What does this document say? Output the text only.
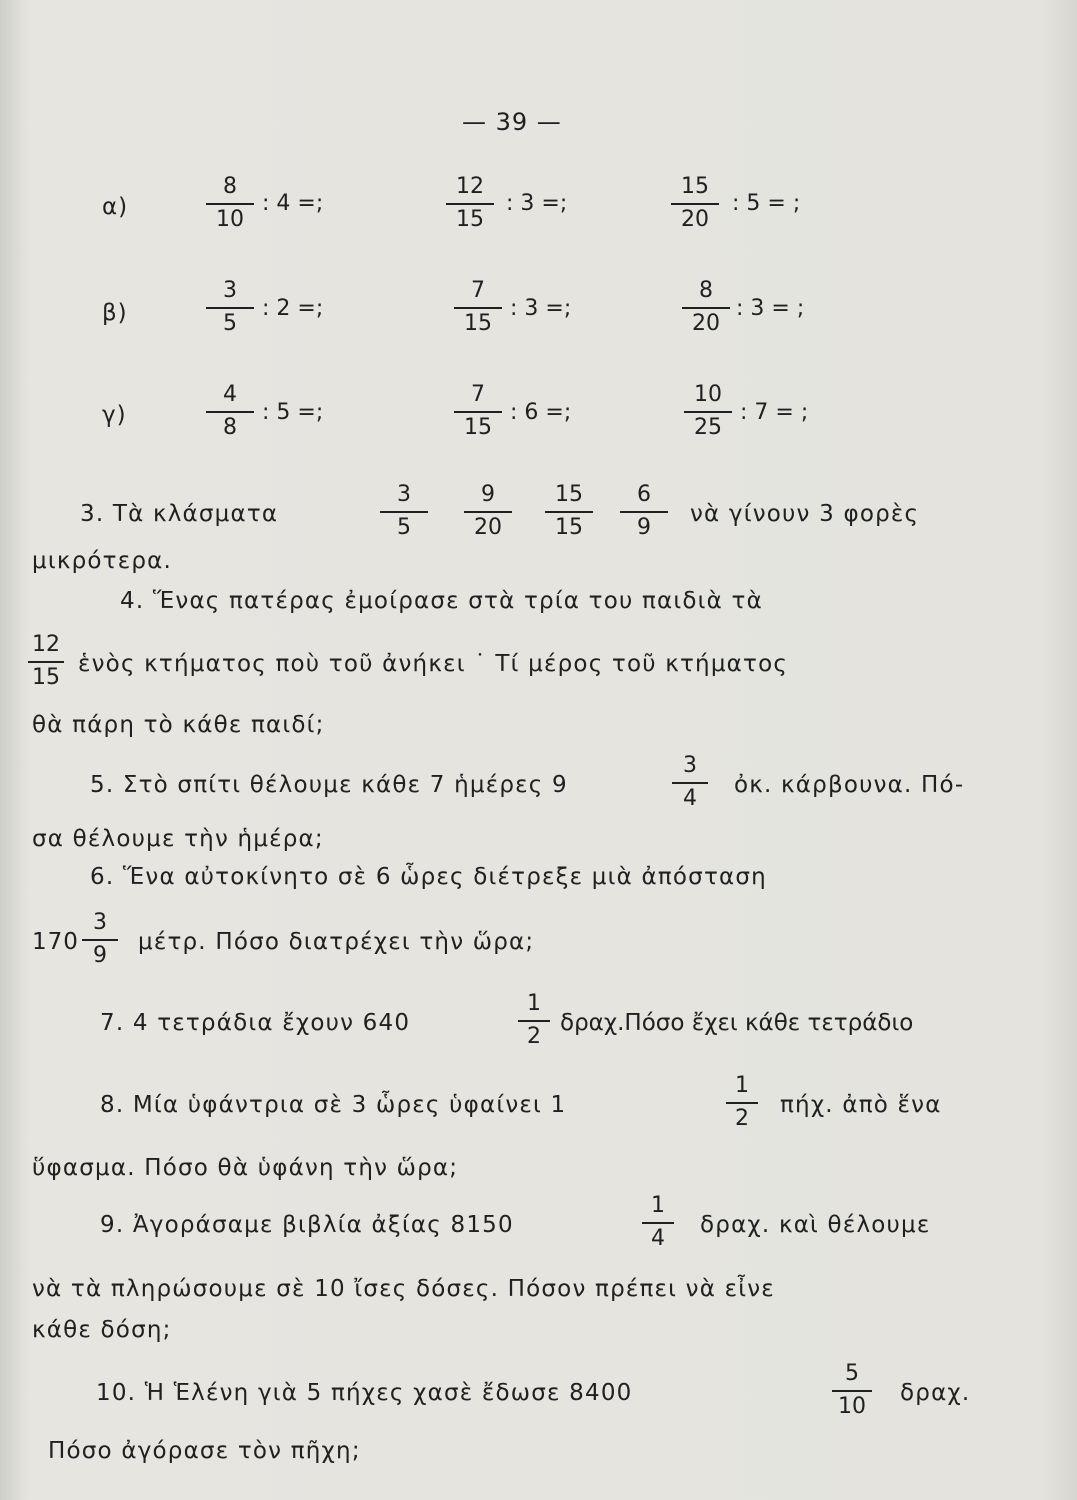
— 39 —
α)
8
10
: 4 =;
12
15
: 3 =;
15
20
: 5 = ;
β)
3
5
: 2 =;
7
15
: 3 =;
8
20
: 3 = ;
γ)
4
8
: 5 =;
7
15
: 6 =;
10
25
: 7 = ;
3. Τὰ κλάσματα
3
5
9
20
15
15
6
9
νὰ γίνουν 3 φορὲς
μικρότερα.
4. Ἕνας πατέρας ἐμοίρασε στὰ τρία του παιδιὰ τὰ
12
15
ἑνὸς κτήματος ποὺ τοῦ ἀνήκει ˙ Τί μέρος τοῦ κτήματος
θὰ πάρη τὸ κάθε παιδί;
5. Στὸ σπίτι θέλουμε κάθε 7 ἡμέρες 9
3
4
ὀκ. κάρβουνα. Πό-
σα θέλουμε τὴν ἡμέρα;
6. Ἕνα αὐτοκίνητο σὲ 6 ὧρες διέτρεξε μιὰ ἀπόσταση
170
3
9
μέτρ. Πόσο διατρέχει τὴν ὥρα;
7. 4 τετράδια ἔχουν 640
1
2
δραχ.Πόσο ἔχει κάθε τετράδιο
8. Μία ὑφάντρια σὲ 3 ὧρες ὑφαίνει 1
1
2
πήχ. ἀπὸ ἕνα
ὕφασμα. Πόσο θὰ ὑφάνη τὴν ὥρα;
9. Ἀγοράσαμε βιβλία ἀξίας 8150
1
4
δραχ. καὶ θέλουμε
νὰ τὰ πληρώσουμε σὲ 10 ἴσες δόσες. Πόσον πρέπει νὰ εἶνε
κάθε δόση;
10. Ἡ Ἑλένη γιὰ 5 πήχες χασὲ ἔδωσε 8400
5
10
δραχ.
Πόσο ἀγόρασε τὸν πῆχη;
